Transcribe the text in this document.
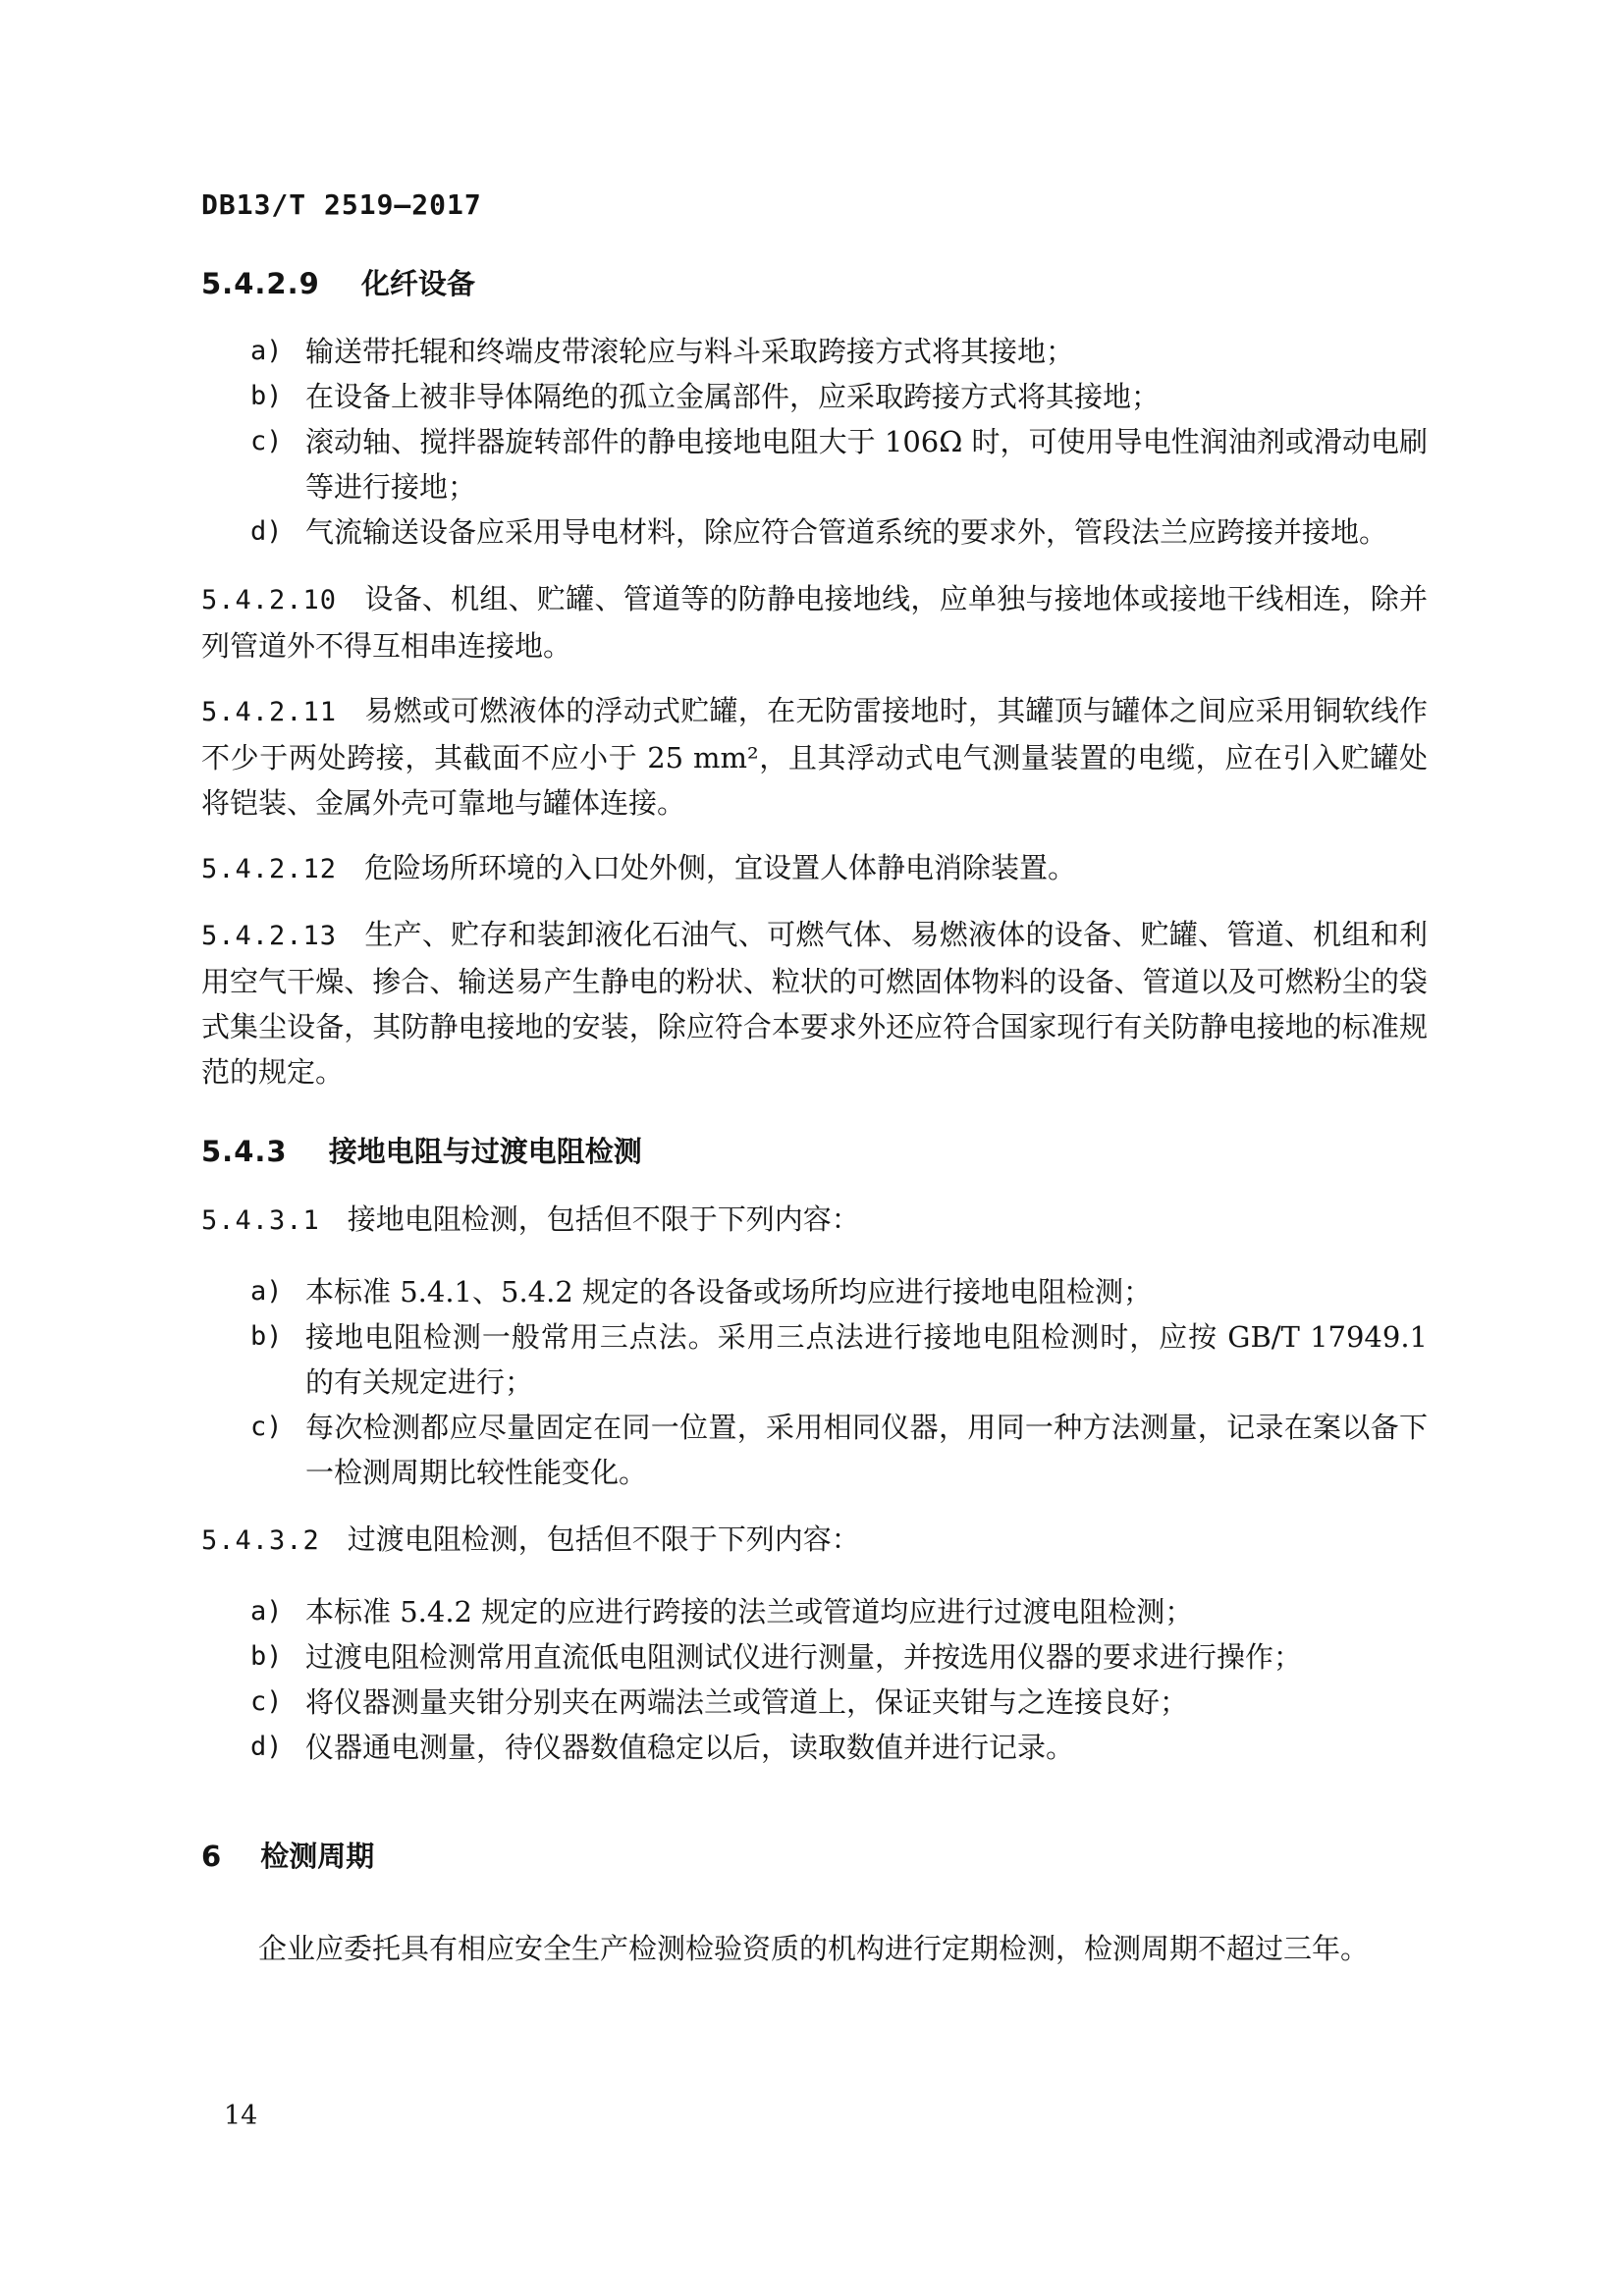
DB13/T 2519—2017

5.4.2.9 化纤设备
a) 输送带托辊和终端皮带滚轮应与料斗采取跨接方式将其接地；
b) 在设备上被非导体隔绝的孤立金属部件，应采取跨接方式将其接地；
c) 滚动轴、搅拌器旋转部件的静电接地电阻大于 106Ω 时，可使用导电性润油剂或滑动电刷等进行接地；
d) 气流输送设备应采用导电材料，除应符合管道系统的要求外，管段法兰应跨接并接地。

5.4.2.10 设备、机组、贮罐、管道等的防静电接地线，应单独与接地体或接地干线相连，除并列管道外不得互相串连接地。

5.4.2.11 易燃或可燃液体的浮动式贮罐，在无防雷接地时，其罐顶与罐体之间应采用铜软线作不少于两处跨接，其截面不应小于 25 mm²，且其浮动式电气测量装置的电缆，应在引入贮罐处将铠装、金属外壳可靠地与罐体连接。

5.4.2.12 危险场所环境的入口处外侧，宜设置人体静电消除装置。

5.4.2.13 生产、贮存和装卸液化石油气、可燃气体、易燃液体的设备、贮罐、管道、机组和利用空气干燥、掺合、输送易产生静电的粉状、粒状的可燃固体物料的设备、管道以及可燃粉尘的袋式集尘设备，其防静电接地的安装，除应符合本要求外还应符合国家现行有关防静电接地的标准规范的规定。

5.4.3 接地电阻与过渡电阻检测

5.4.3.1 接地电阻检测，包括但不限于下列内容：

a) 本标准 5.4.1、5.4.2 规定的各设备或场所均应进行接地电阻检测；
b) 接地电阻检测一般常用三点法。采用三点法进行接地电阻检测时，应按 GB/T 17949.1 的有关规定进行；
c) 每次检测都应尽量固定在同一位置，采用相同仪器，用同一种方法测量，记录在案以备下一检测周期比较性能变化。

5.4.3.2 过渡电阻检测，包括但不限于下列内容：

a) 本标准 5.4.2 规定的应进行跨接的法兰或管道均应进行过渡电阻检测；
b) 过渡电阻检测常用直流低电阻测试仪进行测量，并按选用仪器的要求进行操作；
c) 将仪器测量夹钳分别夹在两端法兰或管道上，保证夹钳与之连接良好；
d) 仪器通电测量，待仪器数值稳定以后，读取数值并进行记录。
6 检测周期

企业应委托具有相应安全生产检测检验资质的机构进行定期检测，检测周期不超过三年。

14
